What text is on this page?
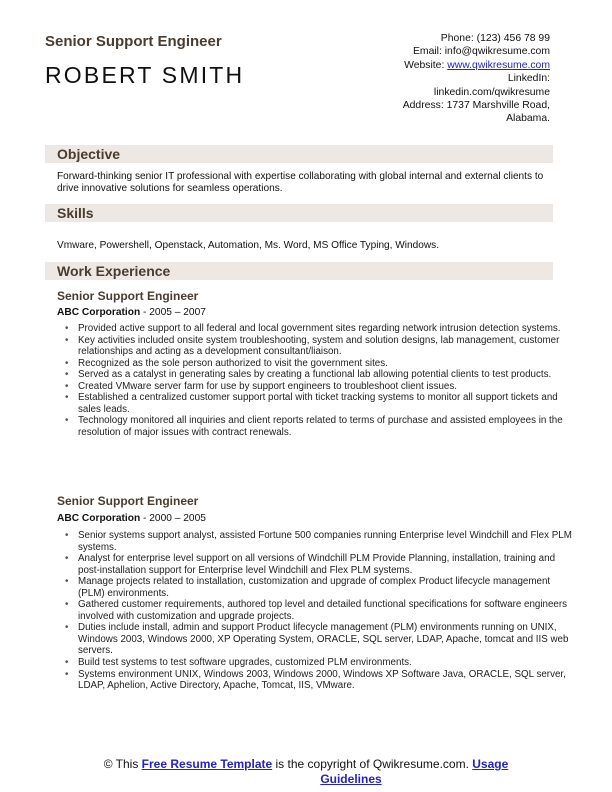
Senior Support Engineer
ROBERT SMITH
Phone: (123) 456 78 99
Email: info@qwikresume.com
Website: www.qwikresume.com
LinkedIn:
linkedin.com/qwikresume
Address: 1737 Marshville Road,
Alabama.
Objective
Forward-thinking senior IT professional with expertise collaborating with global internal and external clients to drive innovative solutions for seamless operations.
Skills
Vmware, Powershell, Openstack, Automation, Ms. Word, MS Office Typing, Windows.
Work Experience
Senior Support Engineer
ABC Corporation - 2005 – 2007
• Provided active support to all federal and local government sites regarding network intrusion detection systems.
• Key activities included onsite system troubleshooting, system and solution designs, lab management, customer relationships and acting as a development consultant/liaison.
• Recognized as the sole person authorized to visit the government sites.
• Served as a catalyst in generating sales by creating a functional lab allowing potential clients to test products.
• Created VMware server farm for use by support engineers to troubleshoot client issues.
• Established a centralized customer support portal with ticket tracking systems to monitor all support tickets and sales leads.
• Technology monitored all inquiries and client reports related to terms of purchase and assisted employees in the resolution of major issues with contract renewals.
Senior Support Engineer
ABC Corporation - 2000 – 2005
• Senior systems support analyst, assisted Fortune 500 companies running Enterprise level Windchill and Flex PLM systems.
• Analyst for enterprise level support on all versions of Windchill PLM Provide Planning, installation, training and post-installation support for Enterprise level Windchill and Flex PLM systems.
• Manage projects related to installation, customization and upgrade of complex Product lifecycle management (PLM) environments.
• Gathered customer requirements, authored top level and detailed functional specifications for software engineers involved with customization and upgrade projects.
• Duties include install, admin and support Product lifecycle management (PLM) environments running on UNIX, Windows 2003, Windows 2000, XP Operating System, ORACLE, SQL server, LDAP, Apache, tomcat and IIS web servers.
• Build test systems to test software upgrades, customized PLM environments.
• Systems environment UNIX, Windows 2003, Windows 2000, Windows XP Software Java, ORACLE, SQL server, LDAP, Aphelion, Active Directory, Apache, Tomcat, IIS, VMware.
© This Free Resume Template is the copyright of Qwikresume.com. Usage
Guidelines
